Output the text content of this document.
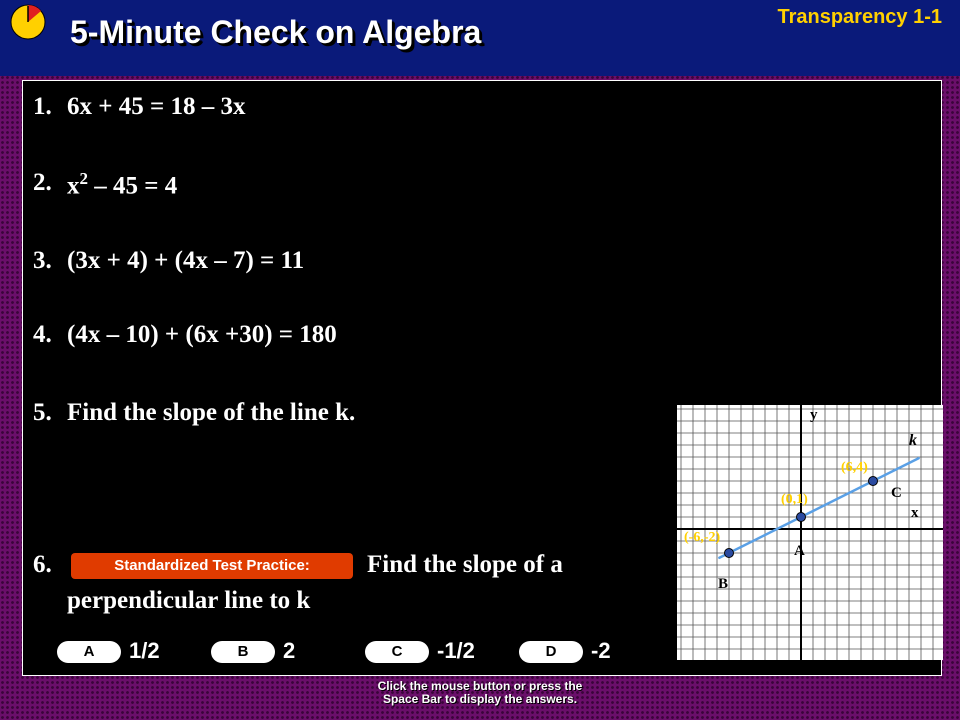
5-Minute Check on Algebra	Transparency 1-1
1. 6x + 45 = 18 – 3x
2. $x^2 - 45 = 4$
3. (3x + 4) + (4x – 7) = 11
4. (4x – 10) + (6x +30) = 180
5. Find the slope of the line k.
6.	Find the slope of a
perpendicular line to k
Standardized Test Practice:
A	1/2	B	2	C	-1/2	D	-2
x
y
k
(-6,-2)
B
(0,1)
A
(6,4)
C
Click the mouse button or press the
Space Bar to display the answers.
